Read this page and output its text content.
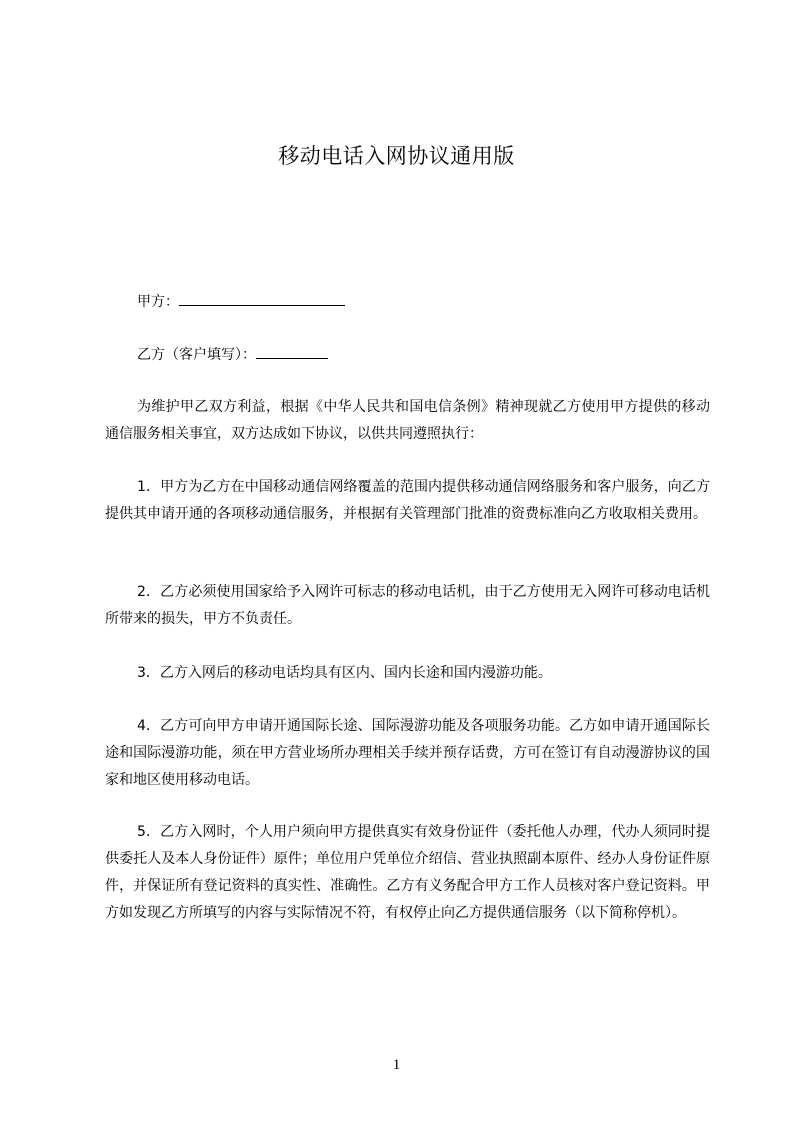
移动电话入网协议通用版
甲方：
乙方（客户填写）：

为维护甲乙双方利益，根据《中华人民共和国电信条例》精神现就乙方使用甲方提供的移动通信服务相关事宜，双方达成如下协议，以供共同遵照执行：

1．甲方为乙方在中国移动通信网络覆盖的范围内提供移动通信网络服务和客户服务，向乙方提供其申请开通的各项移动通信服务，并根据有关管理部门批准的资费标准向乙方收取相关费用。

2．乙方必须使用国家给予入网许可标志的移动电话机，由于乙方使用无入网许可移动电话机所带来的损失，甲方不负责任。

3．乙方入网后的移动电话均具有区内、国内长途和国内漫游功能。

4．乙方可向甲方申请开通国际长途、国际漫游功能及各项服务功能。乙方如申请开通国际长途和国际漫游功能，须在甲方营业场所办理相关手续并预存话费，方可在签订有自动漫游协议的国家和地区使用移动电话。

5．乙方入网时，个人用户须向甲方提供真实有效身份证件（委托他人办理，代办人须同时提供委托人及本人身份证件）原件；单位用户凭单位介绍信、营业执照副本原件、经办人身份证件原件，并保证所有登记资料的真实性、准确性。乙方有义务配合甲方工作人员核对客户登记资料。甲方如发现乙方所填写的内容与实际情况不符，有权停止向乙方提供通信服务（以下简称停机）。

1
